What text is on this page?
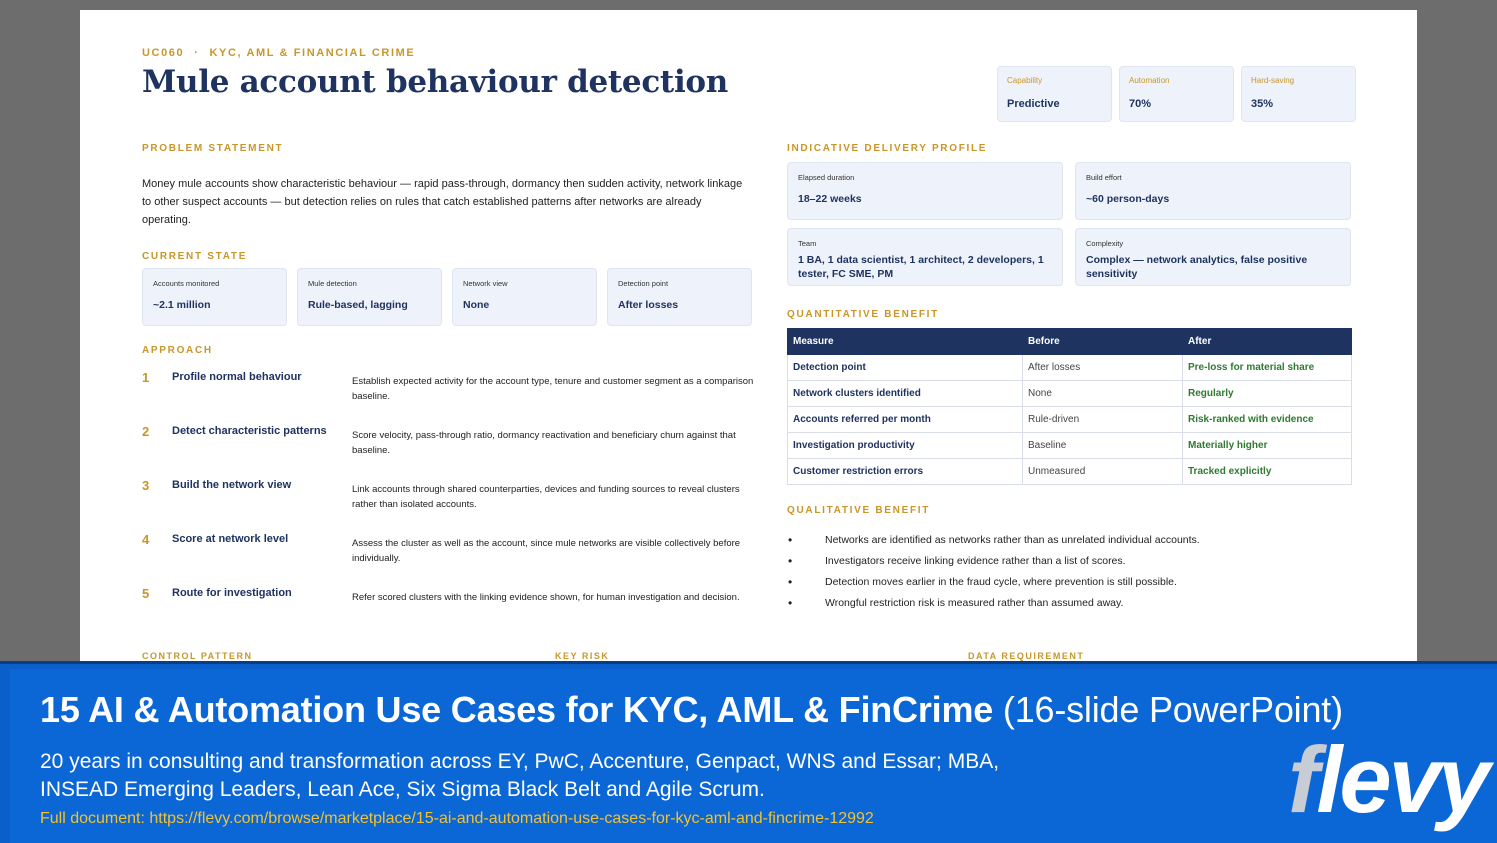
UC060 · KYC, AML & FINANCIAL CRIME
Mule account behaviour detection	Capability
Predictive
Automation
70%
Hard-saving
35%
PROBLEM STATEMENT
Money mule accounts show characteristic behaviour — rapid pass-through, dormancy then sudden activity, network linkage to other suspect accounts — but detection relies on rules that catch established patterns after networks are already operating.
CURRENT STATE
Accounts monitored
~2.1 million
Mule detection
Rule-based, lagging
Network view
None
Detection point
After losses
APPROACH
1 Profile normal behaviour	Establish expected activity for the account type, tenure and customer segment as a comparison baseline.
2 Detect characteristic patterns	Score velocity, pass-through ratio, dormancy reactivation and beneficiary churn against that baseline.
3 Build the network view	Link accounts through shared counterparties, devices and funding sources to reveal clusters rather than isolated accounts.
4 Score at network level	Assess the cluster as well as the account, since mule networks are visible collectively before individually.
5 Route for investigation	Refer scored clusters with the linking evidence shown, for human investigation and decision.
INDICATIVE DELIVERY PROFILE
Elapsed duration
18–22 weeks
Build effort
~60 person-days
Team
1 BA, 1 data scientist, 1 architect, 2 developers, 1 tester, FC SME, PM
Complexity
Complex — network analytics, false positive sensitivity
QUANTITATIVE BENEFIT
Measure	Before	After
Detection point	After losses	Pre-loss for material share
Network clusters identified	None	Regularly
Accounts referred per month	Rule-driven	Risk-ranked with evidence
Investigation productivity	Baseline	Materially higher
Customer restriction errors	Unmeasured	Tracked explicitly
QUALITATIVE BENEFIT
• Networks are identified as networks rather than as unrelated individual accounts.
• Investigators receive linking evidence rather than a list of scores.
• Detection moves earlier in the fraud cycle, where prevention is still possible.
• Wrongful restriction risk is measured rather than assumed away.
CONTROL PATTERN	KEY RISK	DATA REQUIREMENT
15 AI & Automation Use Cases for KYC, AML & FinCrime (16-slide PowerPoint)
20 years in consulting and transformation across EY, PwC, Accenture, Genpact, WNS and Essar; MBA, INSEAD Emerging Leaders, Lean Ace, Six Sigma Black Belt and Agile Scrum.
Full document: https://flevy.com/browse/marketplace/15-ai-and-automation-use-cases-for-kyc-aml-and-fincrime-12992	flevy
